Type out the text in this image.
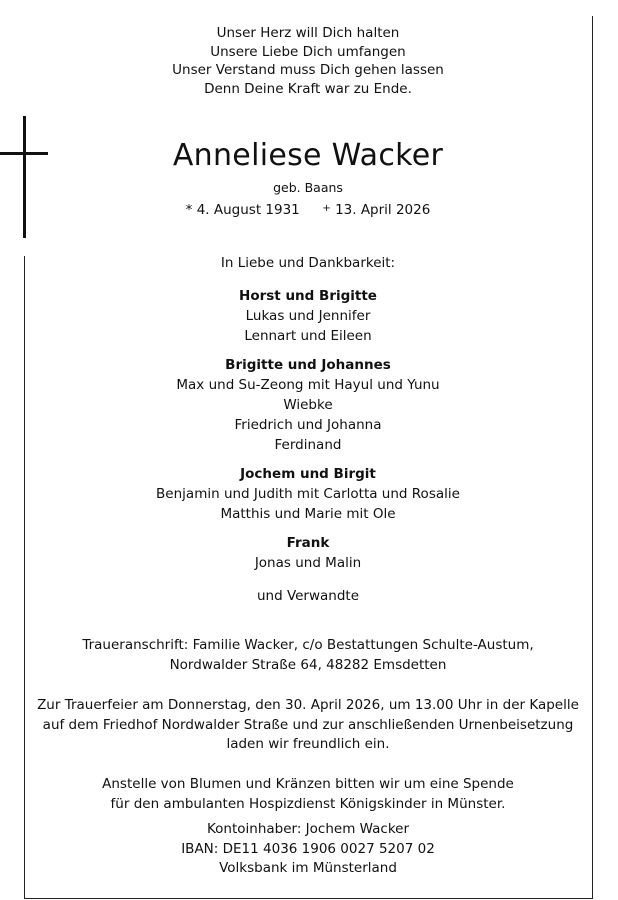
Unser Herz will Dich halten
Unsere Liebe Dich umfangen
Unser Verstand muss Dich gehen lassen
Denn Deine Kraft war zu Ende.
Anneliese Wacker
geb. Baans
* 4. August 1931 + 13. April 2026
In Liebe und Dankbarkeit:
Horst und Brigitte
Lukas und Jennifer
Lennart und Eileen
Brigitte und Johannes
Max und Su-Zeong mit Hayul und Yunu
Wiebke
Friedrich und Johanna
Ferdinand
Jochem und Birgit
Benjamin und Judith mit Carlotta und Rosalie
Matthis und Marie mit Ole
Frank
Jonas und Malin
und Verwandte
Traueranschrift: Familie Wacker, c/o Bestattungen Schulte-Austum,
Nordwalder Straße 64, 48282 Emsdetten
Zur Trauerfeier am Donnerstag, den 30. April 2026, um 13.00 Uhr in der Kapelle
auf dem Friedhof Nordwalder Straße und zur anschließenden Urnenbeisetzung
laden wir freundlich ein.
Anstelle von Blumen und Kränzen bitten wir um eine Spende
für den ambulanten Hospizdienst Königskinder in Münster.
Kontoinhaber: Jochem Wacker
IBAN: DE11 4036 1906 0027 5207 02
Volksbank im Münsterland
